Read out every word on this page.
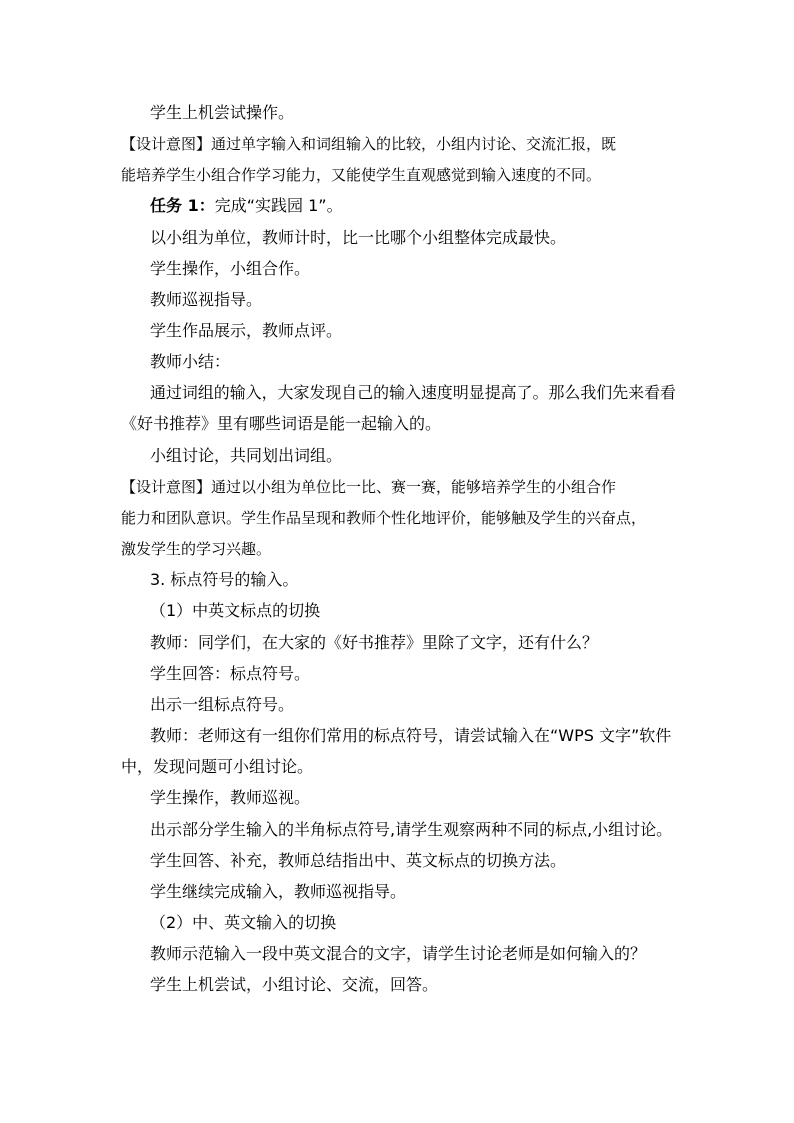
学生上机尝试操作。

【设计意图】通过单字输入和词组输入的比较，小组内讨论、交流汇报，既

能培养学生小组合作学习能力，又能使学生直观感觉到输入速度的不同。

任务 1：完成“实践园 1”。

以小组为单位，教师计时，比一比哪个小组整体完成最快。

学生操作，小组合作。

教师巡视指导。

学生作品展示，教师点评。

教师小结：

通过词组的输入，大家发现自己的输入速度明显提高了。那么我们先来看看

《好书推荐》里有哪些词语是能一起输入的。

小组讨论，共同划出词组。

【设计意图】通过以小组为单位比一比、赛一赛，能够培养学生的小组合作

能力和团队意识。学生作品呈现和教师个性化地评价，能够触及学生的兴奋点，

激发学生的学习兴趣。

3. 标点符号的输入。

（1）中英文标点的切换

教师：同学们，在大家的《好书推荐》里除了文字，还有什么？

学生回答：标点符号。

出示一组标点符号。

教师：老师这有一组你们常用的标点符号，请尝试输入在“WPS 文字”软件

中，发现问题可小组讨论。

学生操作，教师巡视。

出示部分学生输入的半角标点符号,请学生观察两种不同的标点,小组讨论。

学生回答、补充，教师总结指出中、英文标点的切换方法。

学生继续完成输入，教师巡视指导。

（2）中、英文输入的切换

教师示范输入一段中英文混合的文字，请学生讨论老师是如何输入的？

学生上机尝试，小组讨论、交流，回答。
